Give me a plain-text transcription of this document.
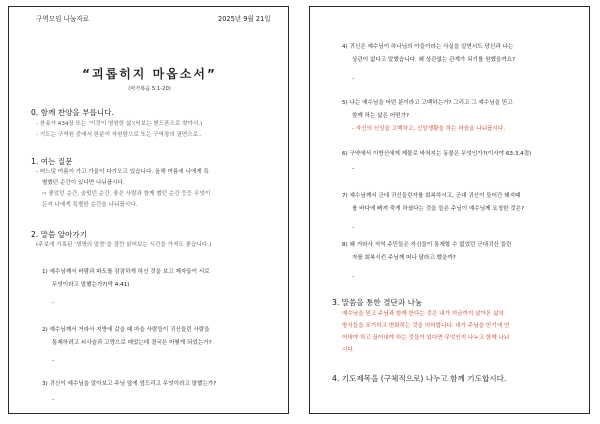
구역모임 나눔자료	2025년 9월 21일
“괴롭히지 마옵소서”
(마가복음 5:1-20)
0. 함께 찬양을 부릅니다.
- 찬송가 434장 또는 ‘이것이 영원한 삶’(익보는 밴드폰으로 찾아서.)
- 기도는 구역원 중에서 한분이 자원함으로 또는 구역장의 권면으로..
1. 여는 질문
- 어느덧 여름이 가고 가을이 다가오고 있습니다. 올해 여름에 나에게 특
별했던 순간이 있다면 나눠봅시다.
⇨ 좋았던 순간, 슬펐던 순간, 좋은 사람과 함께 했던 순간 등등 무엇이
든지 나에게 특별한 순간을 나눠봅시다.
2. 말씀 알아가기
(주보에 기록된 ‘생명의 말씀’을 잠깐 읽어보는 시간을 가져도 좋습니다.)
1) 예수님께서 바람과 파도를 잠잠하게 하신 것을 보고 제자들이 서로
무엇이라고 말했는가?(막 4:41)
-
2) 예수님께서 거라사 지방에 갔을 때 마을 사람들이 귀신들린 사람을
통제하려고 쇠사슬과 고랑으로 매었는데 결국은 어떻게 되었는가?
-
3) 귀신이 예수님을 알아보고 주님 앞에 엎드리고 무엇이라고 말했는가?
-
4) 귀신은 예수님이 하나님의 아들이라는 사실을 알면서도 당신과 나는
상관이 없다고 말했습니다. 왜 상관없는 관계가 되기를 원했을까요?
-
5) 나는 예수님을 어떤 분이라고 고백하는가? 그리고 그 예수님을 믿고
함께 하는 삶은 어떤가?
- 자신의 신앙을 고백하고, 신앙생활을 하는 마음을 나눠봅시다.
6) 구약에서 이방신에게 제물로 바쳐지는 동물은 무엇인가?(이사야 63:3,4절)
-
7) 예수님께서 군대 귀신들린자를 회복하시고, 군대 귀신이 들어간 돼지떼
를 바다에 빠져 죽게 하셨다는 것을 들은 주님이 예수님께 요청한 것은?
-
8) 왜 거라사 지역 주민들은 자신들이 통제할 수 없었던 군대귀신 들린
자를 회복시킨 주님께 떠나 달라고 했을까?
-
3. 말씀을 통한 결단과 나눔
예수님을 믿고 주님과 함께 한다는 것은 내가 지금까지 살아온 삶의
방식들을 포기하고 변화하는 것을 의미합니다. 내가 주님을 믿기에 얻
어내야 하고 끊어내야 하는 것들이 있다면 무엇인지 나누고 함께 나눠
시다.
4. 기도제목을 (구체적으로) 나누고 함께 기도합시다.
